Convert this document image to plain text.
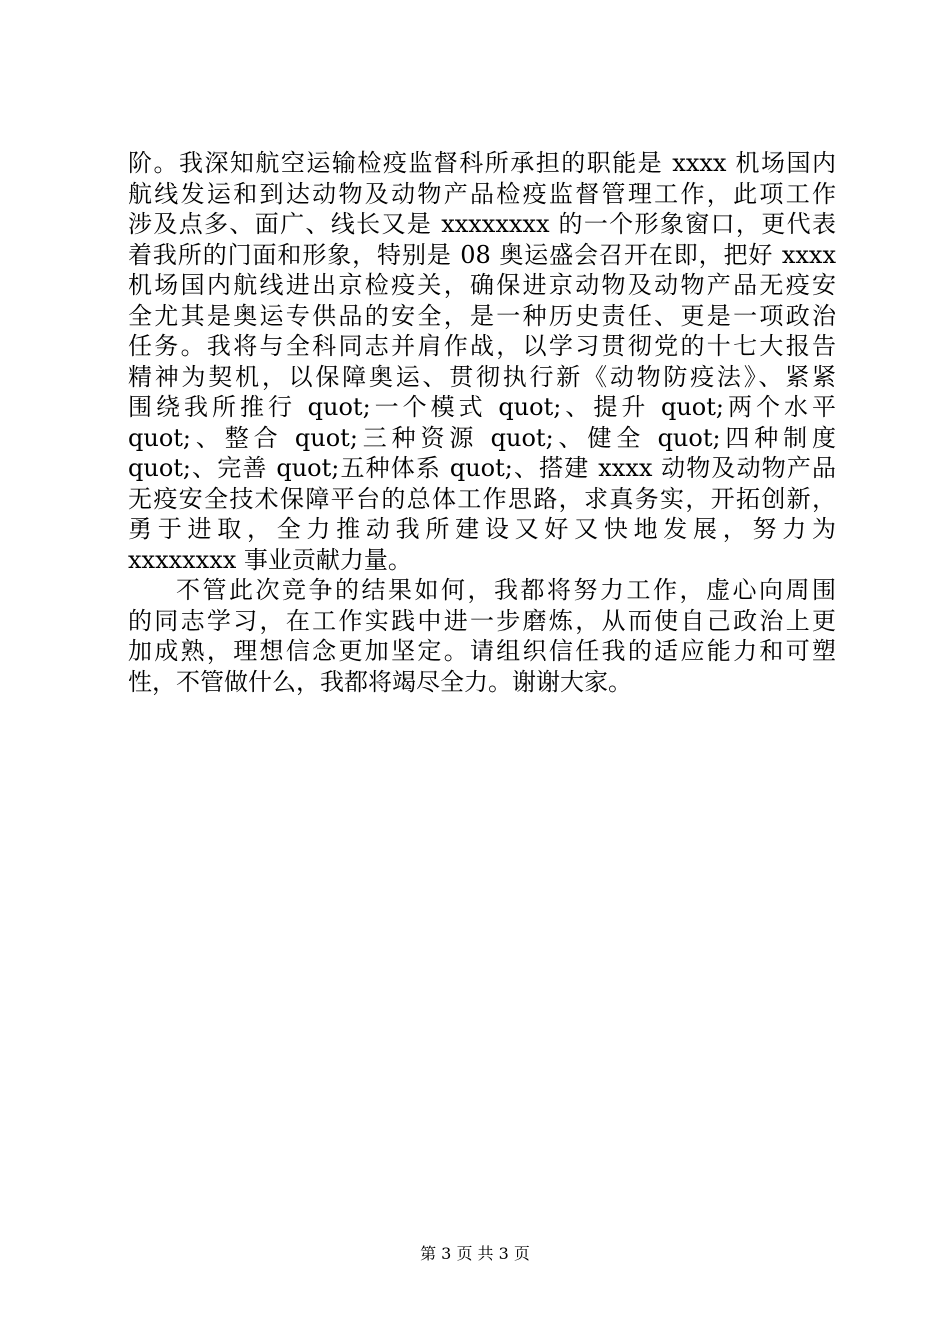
阶。我深知航空运输检疫监督科所承担的职能是 xxxx 机场国内
航线发运和到达动物及动物产品检疫监督管理工作，此项工作
涉及点多、面广、线长又是 xxxxxxxx 的一个形象窗口，更代表
着我所的门面和形象，特别是 08 奥运盛会召开在即，把好 xxxx
机场国内航线进出京检疫关，确保进京动物及动物产品无疫安
全尤其是奥运专供品的安全，是一种历史责任、更是一项政治
任务。我将与全科同志并肩作战，以学习贯彻党的十七大报告
精神为契机，以保障奥运、贯彻执行新《动物防疫法》、紧紧
围绕我所推行 quot;一个模式 quot;、提升 quot;两个水平
quot;、整合 quot;三种资源 quot;、健全 quot;四种制度
quot;、完善 quot;五种体系 quot;、搭建 xxxx 动物及动物产品
无疫安全技术保障平台的总体工作思路，求真务实，开拓创新，
勇于进取，全力推动我所建设又好又快地发展，努力为
xxxxxxxx 事业贡献力量。
不管此次竞争的结果如何，我都将努力工作，虚心向周围
的同志学习，在工作实践中进一步磨炼，从而使自己政治上更
加成熟，理想信念更加坚定。请组织信任我的适应能力和可塑
性，不管做什么，我都将竭尽全力。谢谢大家。
第 3 页 共 3 页
